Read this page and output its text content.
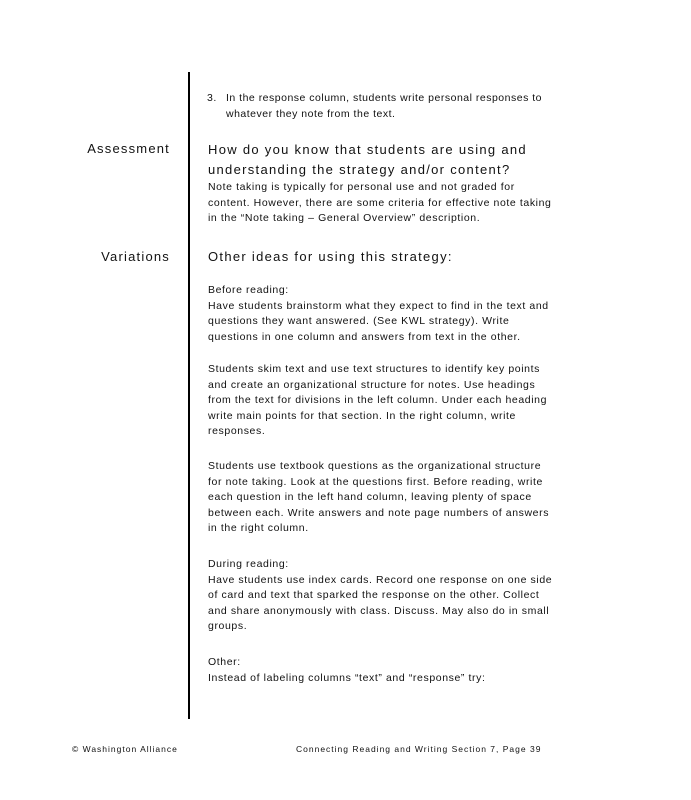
3. In the response column, students write personal responses to whatever they note from the text.
Assessment	How do you know that students are using and understanding the strategy and/or content?

Note taking is typically for personal use and not graded for content. However, there are some criteria for effective note taking in the “Note taking – General Overview” description.

Variations	Other ideas for using this strategy:
Before reading:

Have students brainstorm what they expect to find in the text and questions they want answered. (See KWL strategy). Write questions in one column and answers from text in the other.

Students skim text and use text structures to identify key points and create an organizational structure for notes. Use headings from the text for divisions in the left column. Under each heading write main points for that section. In the right column, write responses.

Students use textbook questions as the organizational structure for note taking. Look at the questions first. Before reading, write each question in the left hand column, leaving plenty of space between each. Write answers and note page numbers of answers in the right column.

During reading:

Have students use index cards. Record one response on one side of card and text that sparked the response on the other. Collect and share anonymously with class. Discuss. May also do in small groups.

Other:

Instead of labeling columns “text” and “response” try:

© Washington Alliance	Connecting Reading and Writing Section 7, Page 39
